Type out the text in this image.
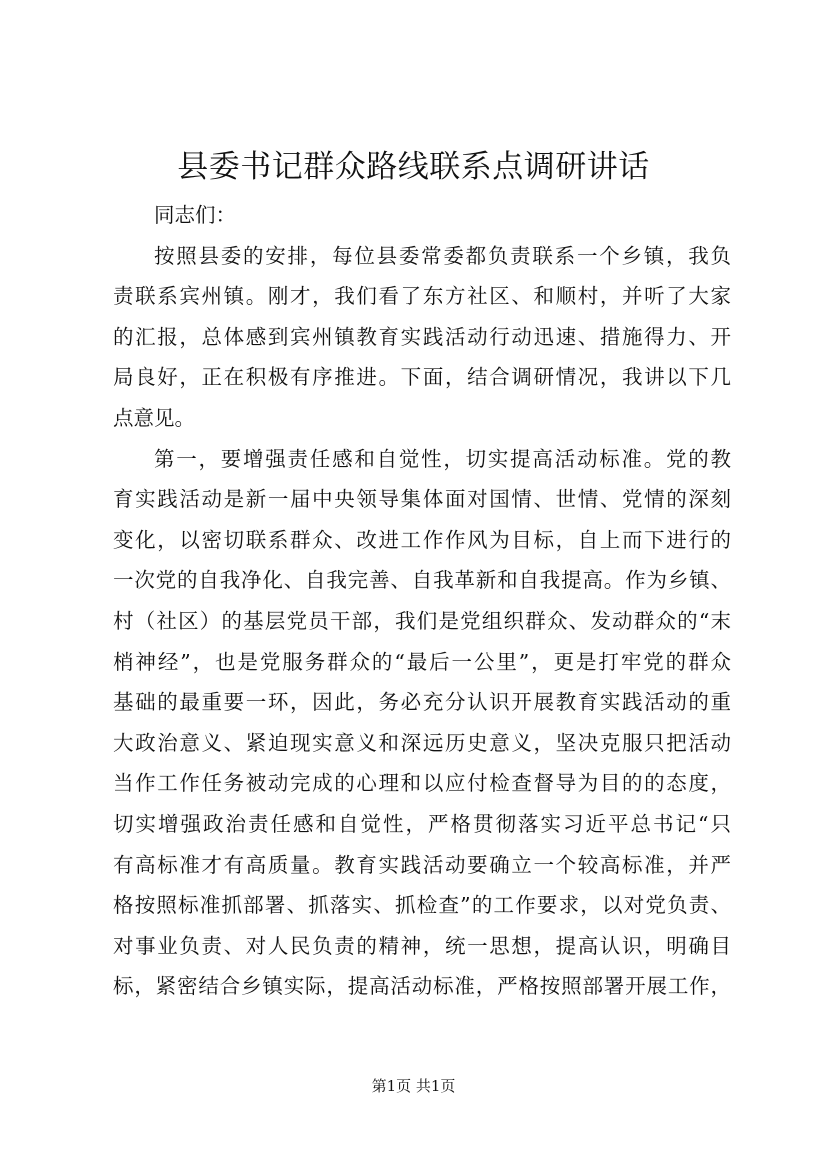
县委书记群众路线联系点调研讲话
同志们：
按照县委的安排，每位县委常委都负责联系一个乡镇，我负
责联系宾州镇。刚才，我们看了东方社区、和顺村，并听了大家
的汇报，总体感到宾州镇教育实践活动行动迅速、措施得力、开
局良好，正在积极有序推进。下面，结合调研情况，我讲以下几
点意见。
第一，要增强责任感和自觉性，切实提高活动标准。党的教
育实践活动是新一届中央领导集体面对国情、世情、党情的深刻
变化，以密切联系群众、改进工作作风为目标，自上而下进行的
一次党的自我净化、自我完善、自我革新和自我提高。作为乡镇、
村（社区）的基层党员干部，我们是党组织群众、发动群众的“末
梢神经”，也是党服务群众的“最后一公里”，更是打牢党的群众
基础的最重要一环，因此，务必充分认识开展教育实践活动的重
大政治意义、紧迫现实意义和深远历史意义，坚决克服只把活动
当作工作任务被动完成的心理和以应付检查督导为目的的态度，
切实增强政治责任感和自觉性，严格贯彻落实习近平总书记“只
有高标准才有高质量。教育实践活动要确立一个较高标准，并严
格按照标准抓部署、抓落实、抓检查”的工作要求，以对党负责、
对事业负责、对人民负责的精神，统一思想，提高认识，明确目
标，紧密结合乡镇实际，提高活动标准，严格按照部署开展工作，
第1页 共1页
